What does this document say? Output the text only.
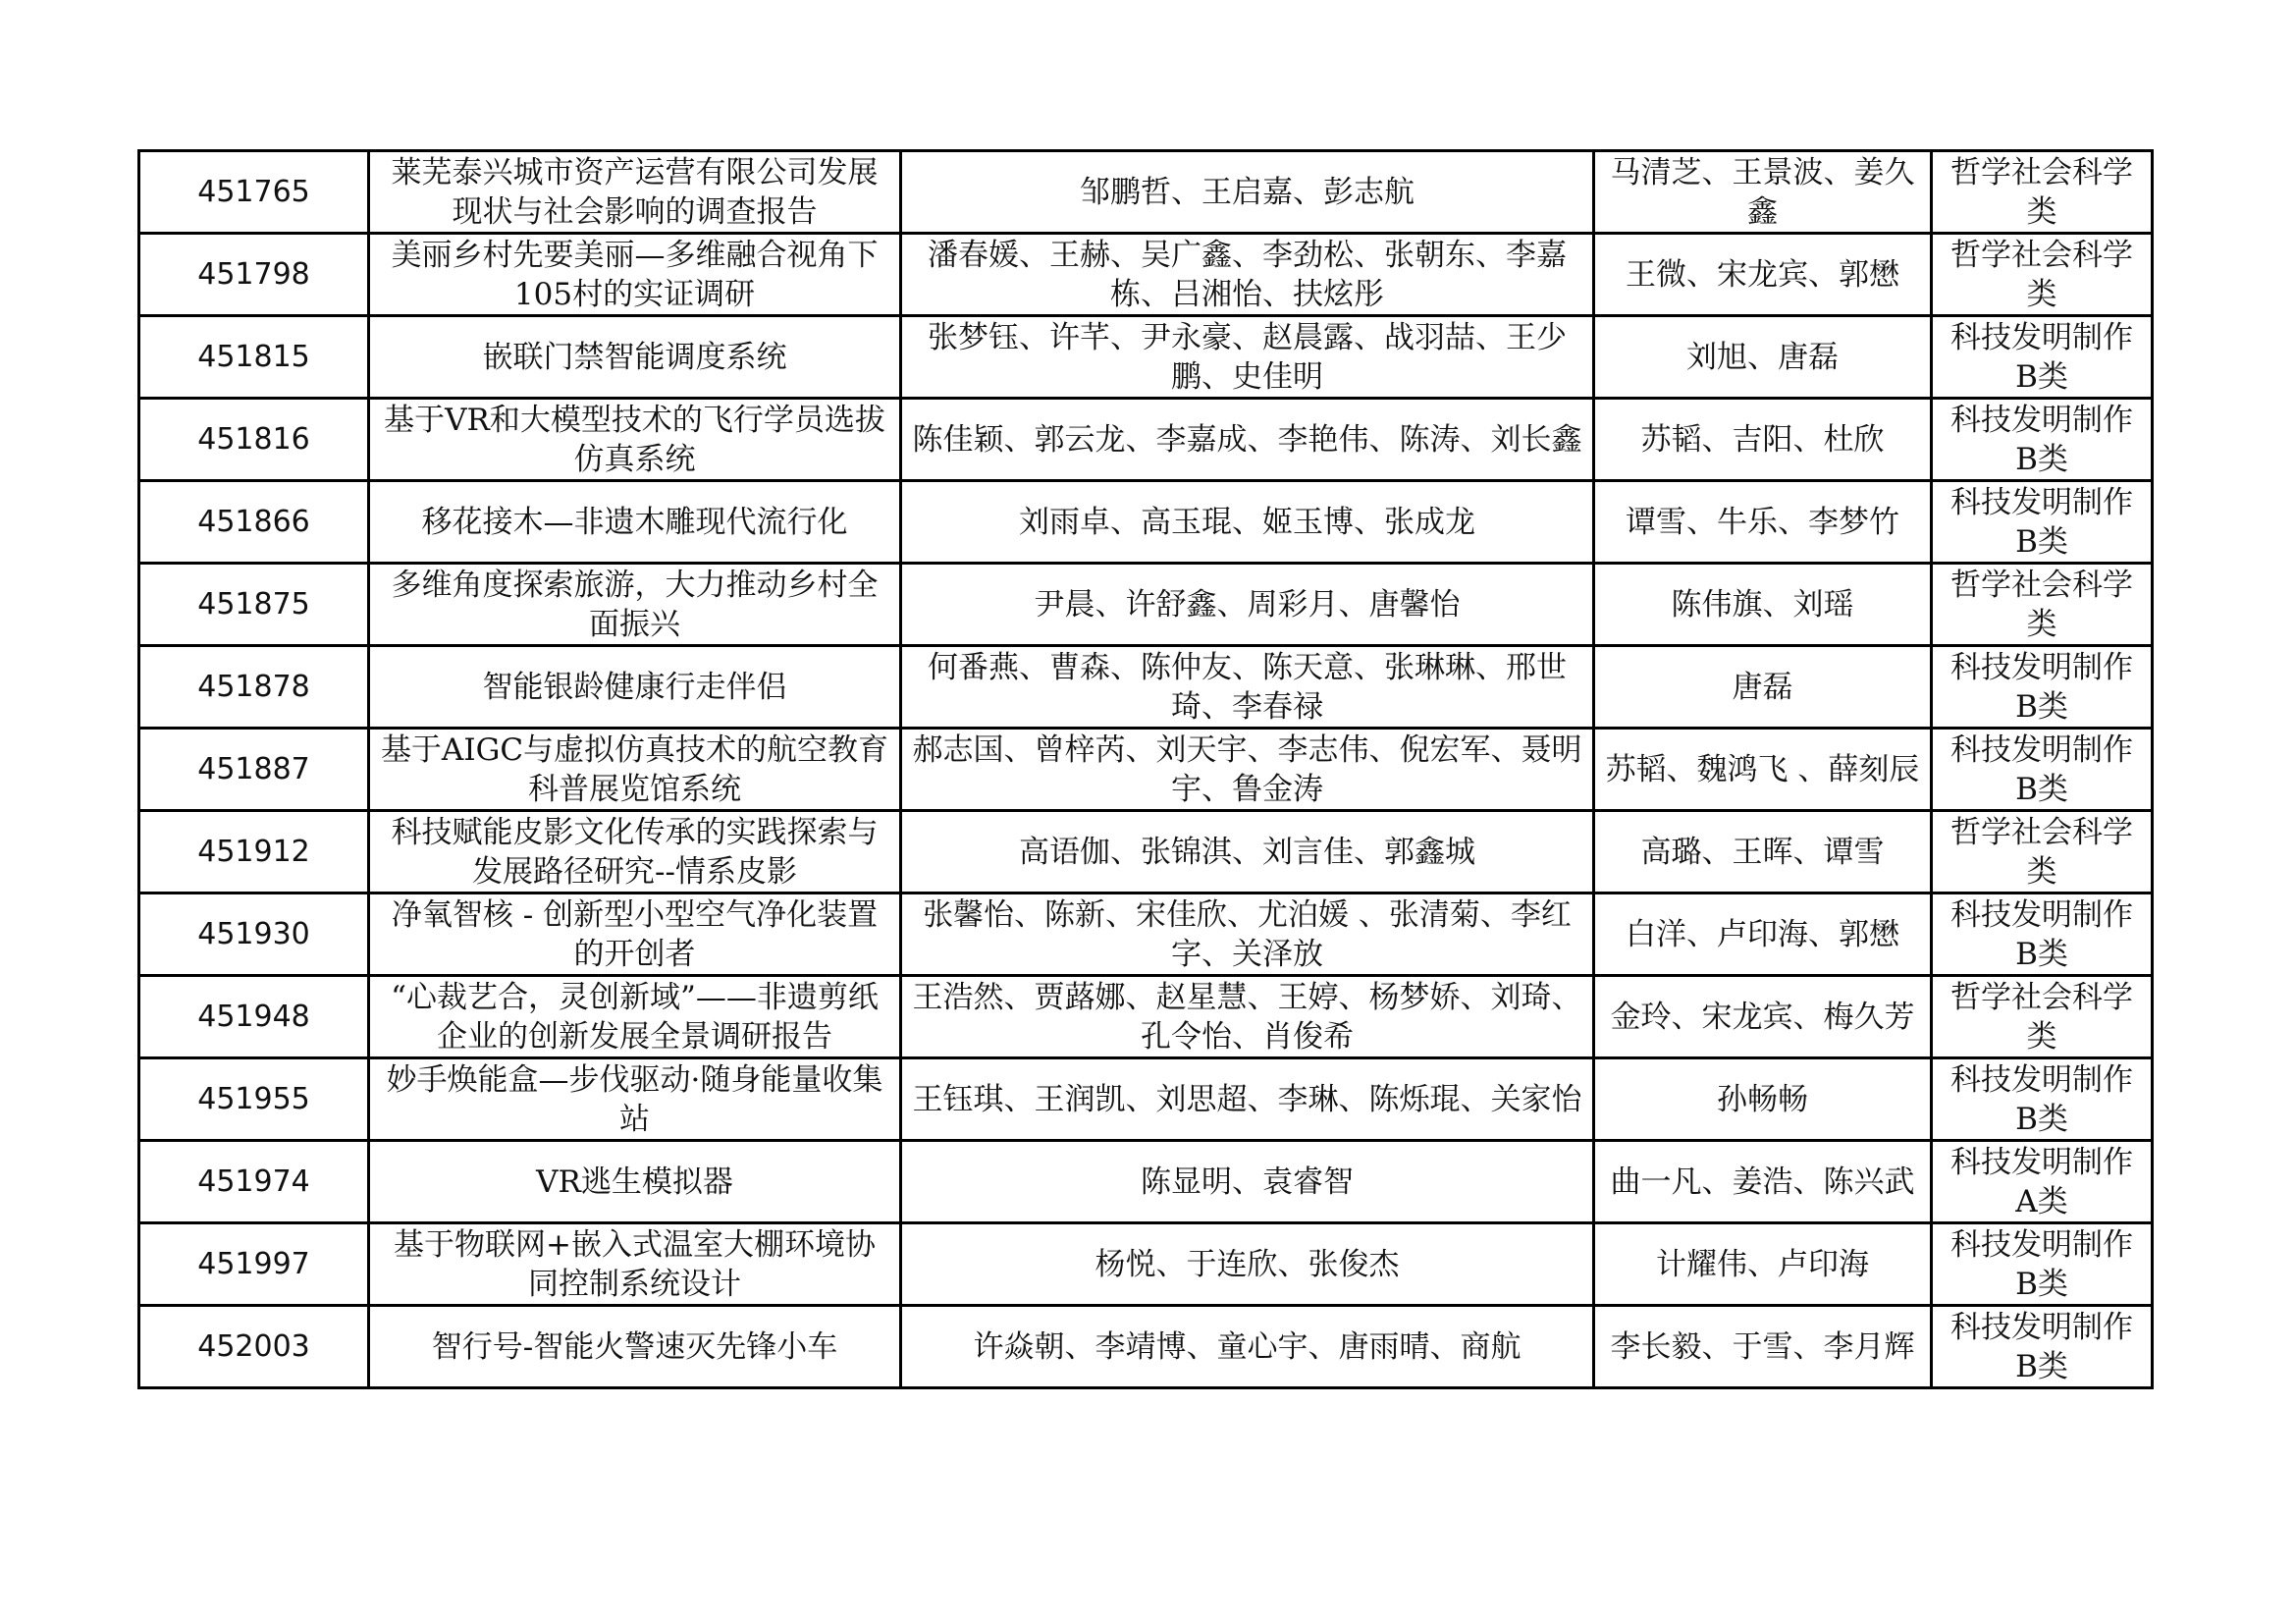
451765	莱芜泰兴城市资产运营有限公司发展现状与社会影响的调查报告	邹鹏哲、王启嘉、彭志航	马清芝、王景波、姜久鑫	哲学社会科学类
451798	美丽乡村先要美丽—多维融合视角下105村的实证调研	潘春媛、王赫、吴广鑫、李劲松、张朝东、李嘉栋、吕湘怡、扶炫彤	王微、宋龙宾、郭懋	哲学社会科学类
451815	嵌联门禁智能调度系统	张梦钰、许芊、尹永豪、赵晨露、战羽喆、王少鹏、史佳明	刘旭、唐磊	科技发明制作B类
451816	基于VR和大模型技术的飞行学员选拔仿真系统	陈佳颖、郭云龙、李嘉成、李艳伟、陈涛、刘长鑫	苏韬、吉阳、杜欣	科技发明制作B类
451866	移花接木—非遗木雕现代流行化	刘雨卓、高玉琨、姬玉博、张成龙	谭雪、牛乐、李梦竹	科技发明制作B类
451875	多维角度探索旅游，大力推动乡村全面振兴	尹晨、许舒鑫、周彩月、唐馨怡	陈伟旗、刘瑶	哲学社会科学类
451878	智能银龄健康行走伴侣	何番燕、曹森、陈仲友、陈天意、张琳琳、邢世琦、李春禄	唐磊	科技发明制作B类
451887	基于AIGC与虚拟仿真技术的航空教育科普展览馆系统	郝志国、曾梓芮、刘天宇、李志伟、倪宏军、聂明宇、鲁金涛	苏韬、魏鸿飞 、薛刻辰	科技发明制作B类
451912	科技赋能皮影文化传承的实践探索与发展路径研究--情系皮影	高语伽、张锦淇、刘言佳、郭鑫城	高璐、王晖、谭雪	哲学社会科学类
451930	净氧智核 - 创新型小型空气净化装置的开创者	张馨怡、陈新、宋佳欣、尤泊媛 、张清菊、李红字、关泽放	白洋、卢印海、郭懋	科技发明制作B类
451948	“心裁艺合，灵创新域”——非遗剪纸企业的创新发展全景调研报告	王浩然、贾蕗娜、赵星慧、王婷、杨梦娇、刘琦、孔令怡、肖俊希	金玲、宋龙宾、梅久芳	哲学社会科学类
451955	妙手焕能盒—步伐驱动·随身能量收集站	王钰琪、王润凯、刘思超、李琳、陈烁琨、关家怡	孙畅畅	科技发明制作B类
451974	VR逃生模拟器	陈显明、袁睿智	曲一凡、姜浩、陈兴武	科技发明制作A类
451997	基于物联网+嵌入式温室大棚环境协同控制系统设计	杨悦、于连欣、张俊杰	计耀伟、卢印海	科技发明制作B类
452003	智行号-智能火警速灭先锋小车	许焱朝、李靖博、童心宇、唐雨晴、商航	李长毅、于雪、李月辉	科技发明制作B类
